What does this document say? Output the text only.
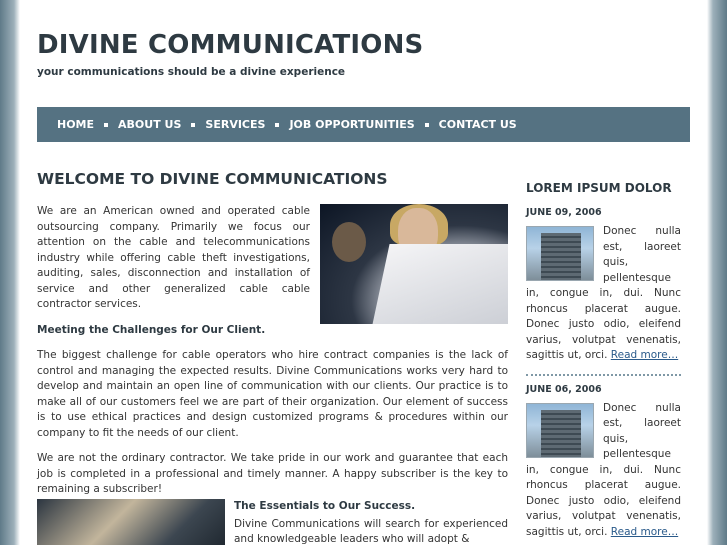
DIVINE COMMUNICATIONS
your communications should be a divine experience
HOME ABOUT US SERVICES JOB OPPORTUNITIES CONTACT US
WELCOME TO DIVINE COMMUNICATIONS

We are an American owned and operated cable outsourcing company. Primarily we focus our attention on the cable and telecommunications industry while offering cable theft investigations, auditing, sales, disconnection and installation of service and other generalized cable cable contractor services.

Meeting the Challenges for Our Client.

The biggest challenge for cable operators who hire contract companies is the lack of control and managing the expected results. Divine Communications works very hard to develop and maintain an open line of communication with our clients. Our practice is to make all of our customers feel we are part of their organization. Our element of success is to use ethical practices and design customized programs & procedures within our company to fit the needs of our client.

We are not the ordinary contractor. We take pride in our work and guarantee that each job is completed in a professional and timely manner. A happy subscriber is the key to remaining a subscriber!

The Essentials to Our Success.

Divine Communications will search for experienced and knowledgeable leaders who will adopt &

LOREM IPSUM DOLOR
JUNE 09, 2006
Donec nulla est, laoreet quis, pellentesque in, congue in, dui. Nunc rhoncus placerat augue. Donec justo odio, eleifend varius, volutpat venenatis, sagittis ut, orci. Read more…
JUNE 06, 2006
Donec nulla est, laoreet quis, pellentesque in, congue in, dui. Nunc rhoncus placerat augue. Donec justo odio, eleifend varius, volutpat venenatis, sagittis ut, orci. Read more…
